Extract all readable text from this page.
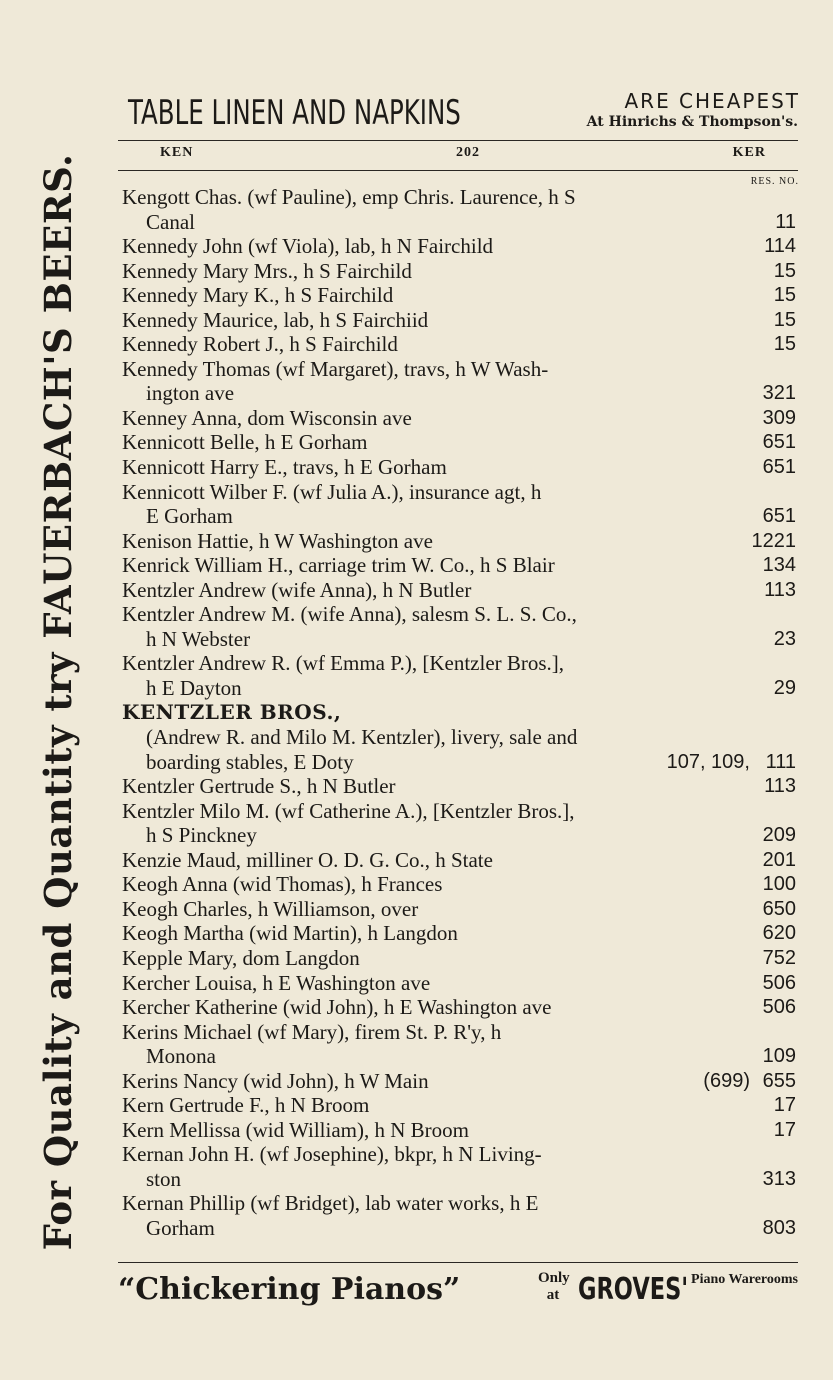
For Quality and Quantity try FAUERBACH'S BEERS.
TABLE LINEN AND NAPKINS	ARE CHEAPEST
At Hinrichs & Thompson's.
KEN	202	KER
RES. NO.
Kengott Chas. (wf Pauline), emp Chris. Laurence, h S
Canal	11
Kennedy John (wf Viola), lab, h N Fairchild	114
Kennedy Mary Mrs., h S Fairchild	15
Kennedy Mary K., h S Fairchild	15
Kennedy Maurice, lab, h S Fairchiid	15
Kennedy Robert J., h S Fairchild	15
Kennedy Thomas (wf Margaret), travs, h W Wash-
ington ave	321
Kenney Anna, dom Wisconsin ave	309
Kennicott Belle, h E Gorham	651
Kennicott Harry E., travs, h E Gorham	651
Kennicott Wilber F. (wf Julia A.), insurance agt, h
E Gorham	651
Kenison Hattie, h W Washington ave	1221
Kenrick William H., carriage trim W. Co., h S Blair	134
Kentzler Andrew (wife Anna), h N Butler	113
Kentzler Andrew M. (wife Anna), salesm S. L. S. Co.,
h N Webster	23
Kentzler Andrew R. (wf Emma P.), [Kentzler Bros.],
h E Dayton	29
KENTZLER BROS.,
(Andrew R. and Milo M. Kentzler), livery, sale and
boarding stables, E Doty	107, 109, 111
Kentzler Gertrude S., h N Butler	113
Kentzler Milo M. (wf Catherine A.), [Kentzler Bros.],
h S Pinckney	209
Kenzie Maud, milliner O. D. G. Co., h State	201
Keogh Anna (wid Thomas), h Frances	100
Keogh Charles, h Williamson, over	650
Keogh Martha (wid Martin), h Langdon	620
Kepple Mary, dom Langdon	752
Kercher Louisa, h E Washington ave	506
Kercher Katherine (wid John), h E Washington ave	506
Kerins Michael (wf Mary), firem St. P. R'y, h
Monona	109
Kerins Nancy (wid John), h W Main	(699) 655
Kern Gertrude F., h N Broom	17
Kern Mellissa (wid William), h N Broom	17
Kernan John H. (wf Josephine), bkpr, h N Living-
ston	313
Kernan Phillip (wf Bridget), lab water works, h E
Gorham	803
“Chickering Pianos”	Only at GROVES' Piano Warerooms
